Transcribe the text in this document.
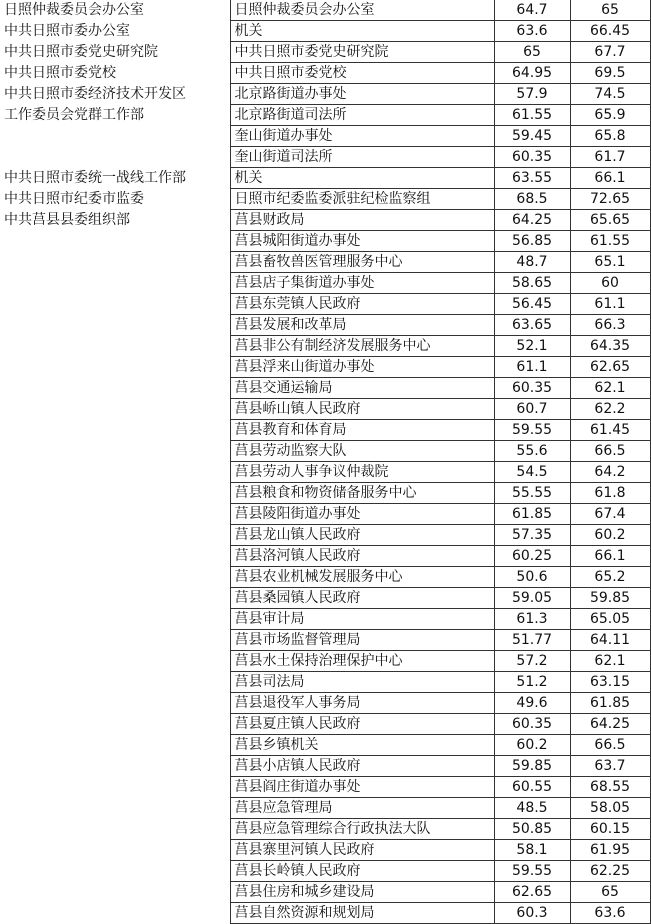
日照仲裁委员会办公室	日照仲裁委员会办公室	64.7	65
中共日照市委办公室	机关	63.6	66.45
中共日照市委党史研究院	中共日照市委党史研究院	65	67.7
中共日照市委党校	中共日照市委党校	64.95	69.5
中共日照市委经济技术开发区	北京路街道办事处	57.9	74.5
工作委员会党群工作部	北京路街道司法所	61.55	65.9
	奎山街道办事处	59.45	65.8
	奎山街道司法所	60.35	61.7
中共日照市委统一战线工作部	机关	63.55	66.1
中共日照市纪委市监委	日照市纪委监委派驻纪检监察组	68.5	72.65
中共莒县县委组织部	莒县财政局	64.25	65.65
	莒县城阳街道办事处	56.85	61.55
	莒县畜牧兽医管理服务中心	48.7	65.1
	莒县店子集街道办事处	58.65	60
	莒县东莞镇人民政府	56.45	61.1
	莒县发展和改革局	63.65	66.3
	莒县非公有制经济发展服务中心	52.1	64.35
	莒县浮来山街道办事处	61.1	62.65
	莒县交通运输局	60.35	62.1
	莒县峤山镇人民政府	60.7	62.2
	莒县教育和体育局	59.55	61.45
	莒县劳动监察大队	55.6	66.5
	莒县劳动人事争议仲裁院	54.5	64.2
	莒县粮食和物资储备服务中心	55.55	61.8
	莒县陵阳街道办事处	61.85	67.4
	莒县龙山镇人民政府	57.35	60.2
	莒县洛河镇人民政府	60.25	66.1
	莒县农业机械发展服务中心	50.6	65.2
	莒县桑园镇人民政府	59.05	59.85
	莒县审计局	61.3	65.05
	莒县市场监督管理局	51.77	64.11
	莒县水土保持治理保护中心	57.2	62.1
	莒县司法局	51.2	63.15
	莒县退役军人事务局	49.6	61.85
	莒县夏庄镇人民政府	60.35	64.25
	莒县乡镇机关	60.2	66.5
	莒县小店镇人民政府	59.85	63.7
	莒县阎庄街道办事处	60.55	68.55
	莒县应急管理局	48.5	58.05
	莒县应急管理综合行政执法大队	50.85	60.15
	莒县寨里河镇人民政府	58.1	61.95
	莒县长岭镇人民政府	59.55	62.25
	莒县住房和城乡建设局	62.65	65
	莒县自然资源和规划局	60.3	63.6
